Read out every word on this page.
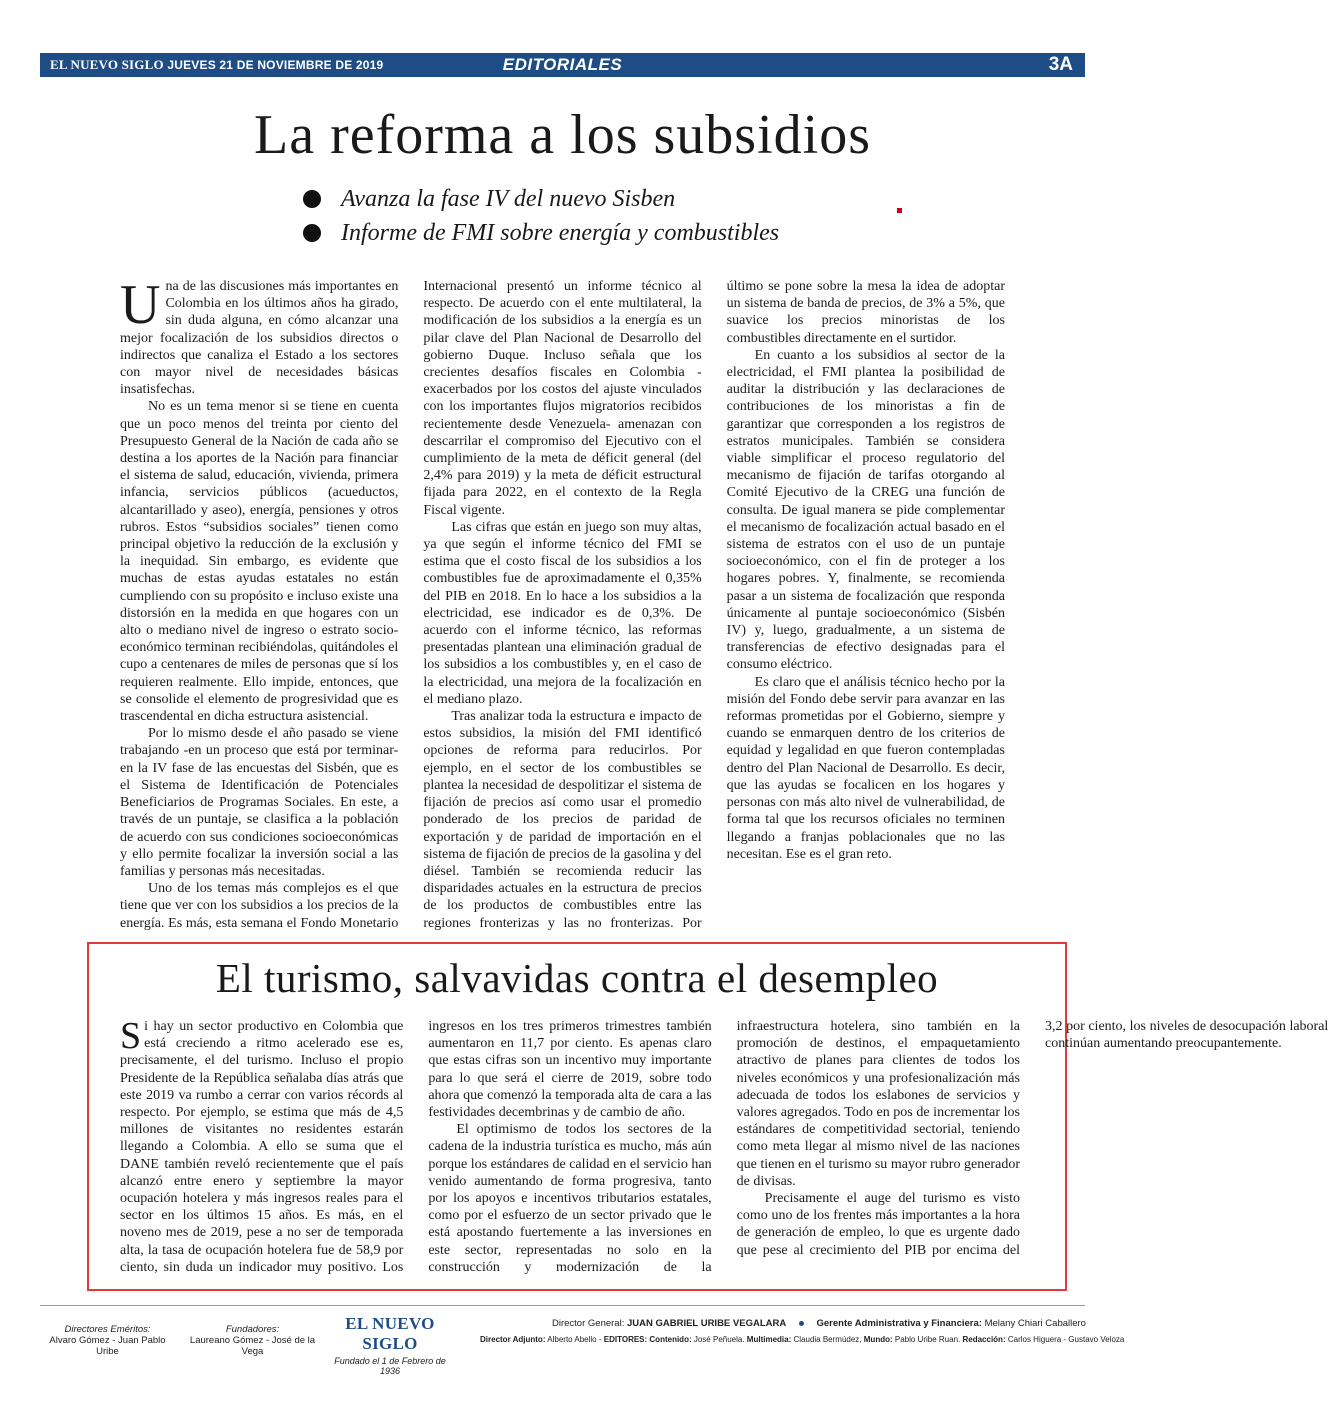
EL NUEVO SIGLO JUEVES 21 DE NOVIEMBRE DE 2019	EDITORIALES	3A
La reforma a los subsidios
Avanza la fase IV del nuevo Sisben
Informe de FMI sobre energía y combustibles

Una de las discusiones más importantes en Colombia en los últimos años ha girado, sin duda alguna, en cómo alcanzar una mejor focalización de los subsidios directos o indirectos que canaliza el Estado a los sectores con mayor nivel de necesidades básicas insatisfechas.

No es un tema menor si se tiene en cuenta que un poco menos del treinta por ciento del Presupuesto General de la Nación de cada año se destina a los aportes de la Nación para financiar el sistema de salud, educación, vivienda, primera infancia, servicios públicos (acueductos, alcantarillado y aseo), energía, pensiones y otros rubros. Estos “subsidios sociales” tienen como principal objetivo la reducción de la exclusión y la inequidad. Sin embargo, es evidente que muchas de estas ayudas estatales no están cumpliendo con su propósito e incluso existe una distorsión en la medida en que hogares con un alto o mediano nivel de ingreso o estrato socio-económico terminan recibiéndolas, quitándoles el cupo a centenares de miles de personas que sí los requieren realmente. Ello impide, entonces, que se consolide el elemento de progresividad que es trascendental en dicha estructura asistencial.

Por lo mismo desde el año pasado se viene trabajando -en un proceso que está por terminar- en la IV fase de las encuestas del Sisbén, que es el Sistema de Identificación de Potenciales Beneficiarios de Programas Sociales. En este, a través de un puntaje, se clasifica a la población de acuerdo con sus condiciones socioeconómicas y ello permite focalizar la inversión social a las familias y personas más necesitadas.

Uno de los temas más complejos es el que tiene que ver con los subsidios a los precios de la energía. Es más, esta semana el Fondo Monetario Internacional presentó un informe técnico al respecto. De acuerdo con el ente multilateral, la modificación de los subsidios a la energía es un pilar clave del Plan Nacional de Desarrollo del gobierno Duque. Incluso señala que los crecientes desafíos fiscales en Colombia -exacerbados por los costos del ajuste vinculados con los importantes flujos migratorios recibidos recientemente desde Venezuela- amenazan con descarrilar el compromiso del Ejecutivo con el cumplimiento de la meta de déficit general (del 2,4% para 2019) y la meta de déficit estructural fijada para 2022, en el contexto de la Regla Fiscal vigente.

Las cifras que están en juego son muy altas, ya que según el informe técnico del FMI se estima que el costo fiscal de los subsidios a los combustibles fue de aproximadamente el 0,35% del PIB en 2018. En lo hace a los subsidios a la electricidad, ese indicador es de 0,3%. De acuerdo con el informe técnico, las reformas presentadas plantean una eliminación gradual de los subsidios a los combustibles y, en el caso de la electricidad, una mejora de la focalización en el mediano plazo.

Tras analizar toda la estructura e impacto de estos subsidios, la misión del FMI identificó opciones de reforma para reducirlos. Por ejemplo, en el sector de los combustibles se plantea la necesidad de despolitizar el sistema de fijación de precios así como usar el promedio ponderado de los precios de paridad de exportación y de paridad de importación en el sistema de fijación de precios de la gasolina y del diésel. También se recomienda reducir las disparidades actuales en la estructura de precios de los productos de combustibles entre las regiones fronterizas y las no fronterizas. Por último se pone sobre la mesa la idea de adoptar un sistema de banda de precios, de 3% a 5%, que suavice los precios minoristas de los combustibles directamente en el surtidor.

En cuanto a los subsidios al sector de la electricidad, el FMI plantea la posibilidad de auditar la distribución y las declaraciones de contribuciones de los minoristas a fin de garantizar que corresponden a los registros de estratos municipales. También se considera viable simplificar el proceso regulatorio del mecanismo de fijación de tarifas otorgando al Comité Ejecutivo de la CREG una función de consulta. De igual manera se pide complementar el mecanismo de focalización actual basado en el sistema de estratos con el uso de un puntaje socioeconómico, con el fin de proteger a los hogares pobres. Y, finalmente, se recomienda pasar a un sistema de focalización que responda únicamente al puntaje socioeconómico (Sisbén IV) y, luego, gradualmente, a un sistema de transferencias de efectivo designadas para el consumo eléctrico.

Es claro que el análisis técnico hecho por la misión del Fondo debe servir para avanzar en las reformas prometidas por el Gobierno, siempre y cuando se enmarquen dentro de los criterios de equidad y legalidad en que fueron contempladas dentro del Plan Nacional de Desarrollo. Es decir, que las ayudas se focalicen en los hogares y personas con más alto nivel de vulnerabilidad, de forma tal que los recursos oficiales no terminen llegando a franjas poblacionales que no las necesitan. Ese es el gran reto.

El turismo, salvavidas contra el desempleo

Si hay un sector productivo en Colombia que está creciendo a ritmo acelerado ese es, precisamente, el del turismo. Incluso el propio Presidente de la República señalaba días atrás que este 2019 va rumbo a cerrar con varios récords al respecto. Por ejemplo, se estima que más de 4,5 millones de visitantes no residentes estarán llegando a Colombia. A ello se suma que el DANE también reveló recientemente que el país alcanzó entre enero y septiembre la mayor ocupación hotelera y más ingresos reales para el sector en los últimos 15 años. Es más, en el noveno mes de 2019, pese a no ser de temporada alta, la tasa de ocupación hotelera fue de 58,9 por ciento, sin duda un indicador muy positivo. Los ingresos en los tres primeros trimestres también aumentaron en 11,7 por ciento. Es apenas claro que estas cifras son un incentivo muy importante para lo que será el cierre de 2019, sobre todo ahora que comenzó la temporada alta de cara a las festividades decembrinas y de cambio de año.

El optimismo de todos los sectores de la cadena de la industria turística es mucho, más aún porque los estándares de calidad en el servicio han venido aumentando de forma progresiva, tanto por los apoyos e incentivos tributarios estatales, como por el esfuerzo de un sector privado que le está apostando fuertemente a las inversiones en este sector, representadas no solo en la construcción y modernización de la infraestructura hotelera, sino también en la promoción de destinos, el empaquetamiento atractivo de planes para clientes de todos los niveles económicos y una profesionalización más adecuada de todos los eslabones de servicios y valores agregados. Todo en pos de incrementar los estándares de competitividad sectorial, teniendo como meta llegar al mismo nivel de las naciones que tienen en el turismo su mayor rubro generador de divisas.

Precisamente el auge del turismo es visto como uno de los frentes más importantes a la hora de generación de empleo, lo que es urgente dado que pese al crecimiento del PIB por encima del 3,2 por ciento, los niveles de desocupación laboral continúan aumentando preocupantemente.

Directores Eméritos:
Alvaro Gómez - Juan Pablo Uribe
Fundadores:
Laureano Gómez - José de la Vega
EL NUEVO SIGLO
Fundado el 1 de Febrero de 1936
Director General: JUAN GABRIEL URIBE VEGALARA	Gerente Administrativa y Financiera: Melany Chiari Caballero
Director Adjunto: Alberto Abello - EDITORES: Contenido: José Peñuela. Multimedia: Claudia Bermúdez, Mundo: Pablo Uribe Ruan. Redacción: Carlos Higuera - Gustavo Veloza
